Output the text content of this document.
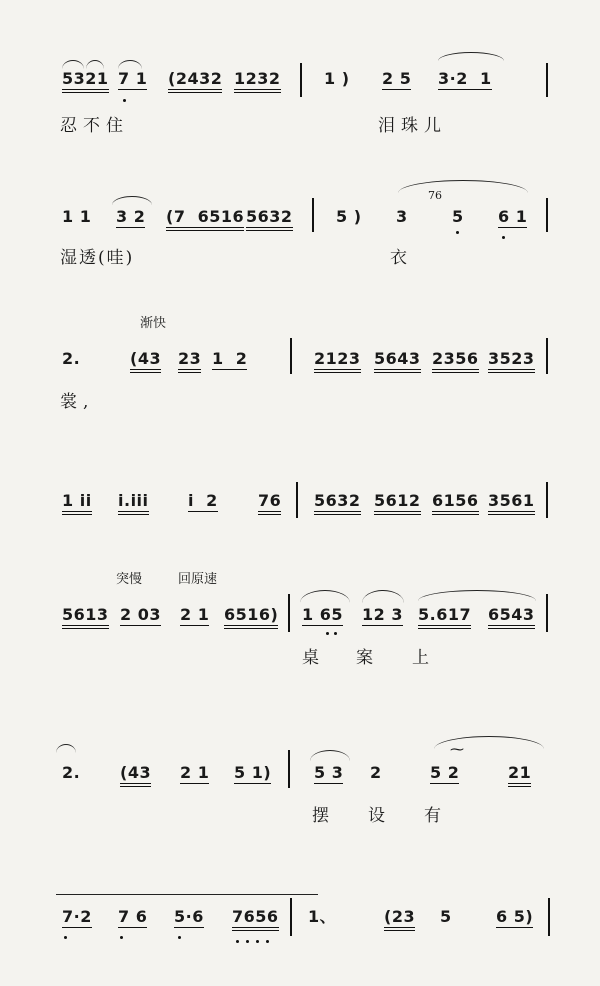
5321 7 1 (2432 1232	1 ) 2 5 3·2  1
忍不住	泪珠儿
1 1 3 2 (7  6516 5632	5 ) 3
76
5 6 1
湿透(哇)	衣
渐快
2.	(43 23 1  2	2123 5643 2356 3523
裳,
1 ii i.iii i  2	76 5632 5612 6156 3561
突慢	回原速
5613 2 03 2 1 6516) 1 65 12 3 5.617 6543
桌 案 上
2. (43 2 1 5 1)	5 3 2
⁓
5 2	21
摆 设 有
7·2 7 6 5·6 7656 1、	(23 5	6 5)
